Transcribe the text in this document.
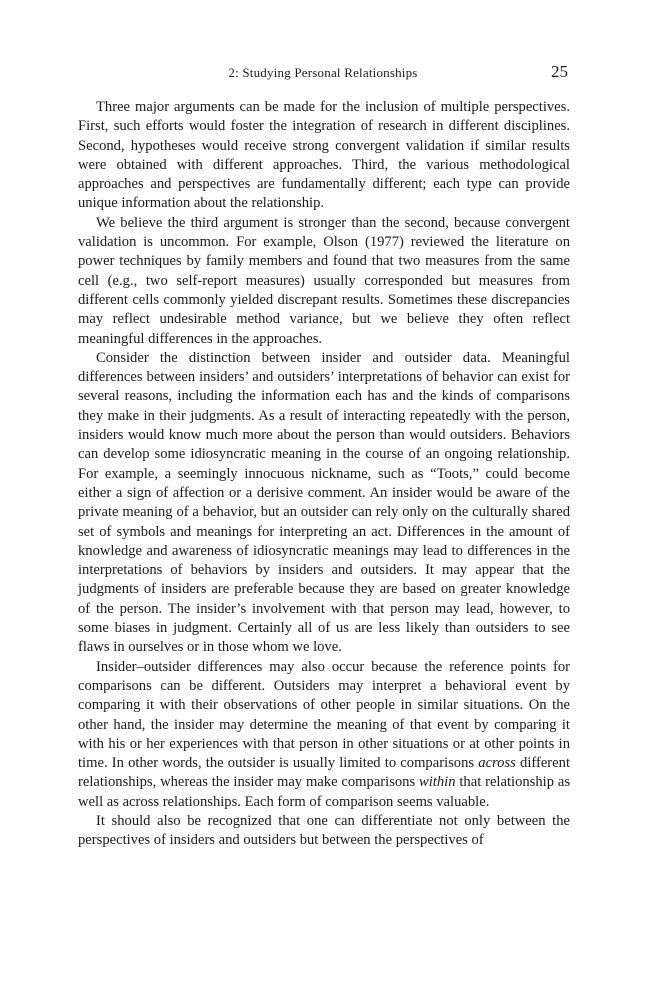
2: Studying Personal Relationships	25

Three major arguments can be made for the inclusion of multiple perspectives. First, such efforts would foster the integration of research in different disciplines. Second, hypotheses would receive strong convergent validation if similar results were obtained with different approaches. Third, the various methodological approaches and perspectives are fundamentally different; each type can provide unique information about the relationship.

We believe the third argument is stronger than the second, because convergent validation is uncommon. For example, Olson (1977) reviewed the literature on power techniques by family members and found that two measures from the same cell (e.g., two self-report measures) usually corresponded but measures from different cells commonly yielded discrepant results. Sometimes these discrepancies may reflect undesirable method variance, but we believe they often reflect meaningful differences in the approaches.

Consider the distinction between insider and outsider data. Meaningful differences between insiders’ and outsiders’ interpretations of behavior can exist for several reasons, including the information each has and the kinds of comparisons they make in their judgments. As a result of interacting repeatedly with the person, insiders would know much more about the person than would outsiders. Behaviors can develop some idiosyncratic meaning in the course of an ongoing relationship. For example, a seemingly innocuous nickname, such as “Toots,” could become either a sign of affection or a derisive comment. An insider would be aware of the private meaning of a behavior, but an outsider can rely only on the culturally shared set of symbols and meanings for interpreting an act. Differences in the amount of knowledge and awareness of idiosyncratic meanings may lead to differences in the interpretations of behaviors by insiders and outsiders. It may appear that the judgments of insiders are preferable because they are based on greater knowledge of the person. The insider’s involvement with that person may lead, however, to some biases in judgment. Certainly all of us are less likely than outsiders to see flaws in ourselves or in those whom we love.

Insider–outsider differences may also occur because the reference points for comparisons can be different. Outsiders may interpret a behavioral event by comparing it with their observations of other people in similar situations. On the other hand, the insider may determine the meaning of that event by comparing it with his or her experiences with that person in other situations or at other points in time. In other words, the outsider is usually limited to comparisons across different relationships, whereas the insider may make comparisons within that relationship as well as across relationships. Each form of comparison seems valuable.

It should also be recognized that one can differentiate not only between the perspectives of insiders and outsiders but between the perspectives of
